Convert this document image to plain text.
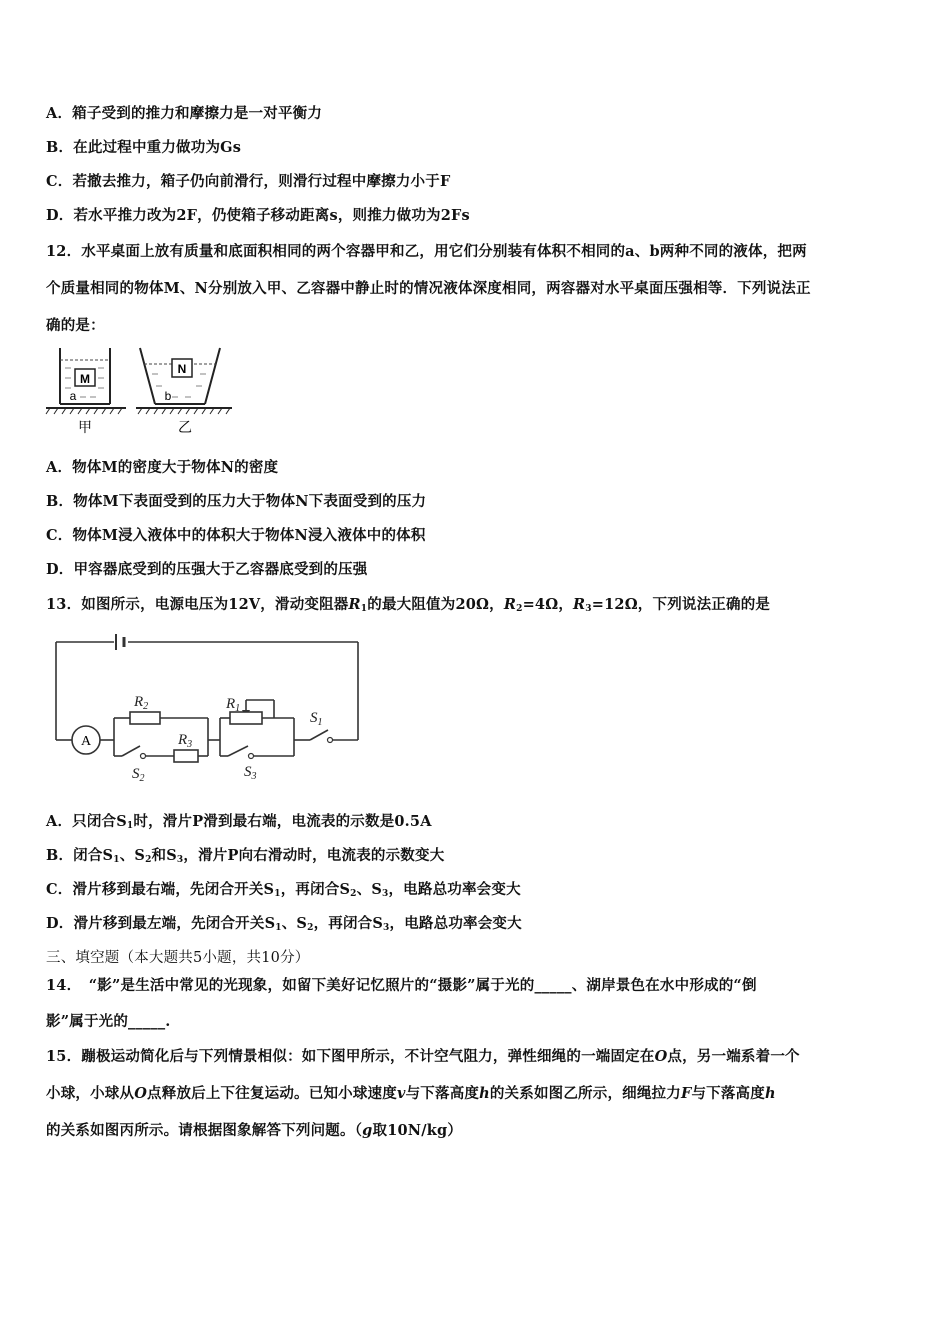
A．箱子受到的推力和摩擦力是一对平衡力
B．在此过程中重力做功为Gs
C．若撤去推力，箱子仍向前滑行，则滑行过程中摩擦力小于F
D．若水平推力改为2F，仍使箱子移动距离s，则推力做功为2Fs
12．水平桌面上放有质量和底面积相同的两个容器甲和乙，用它们分别装有体积不相同的a、b两种不同的液体，把两
个质量相同的物体M、N分别放入甲、乙容器中静止时的情况液体深度相同，两容器对水平桌面压强相等．下列说法正
确的是：
M
a
N
b
甲	乙
A．物体M的密度大于物体N的密度
B．物体M下表面受到的压力大于物体N下表面受到的压力
C．物体M浸入液体中的体积大于物体N浸入液体中的体积
D．甲容器底受到的压强大于乙容器底受到的压强
13．如图所示，电源电压为12V，滑动变阻器$R_1$的最大阻值为20Ω，$R_2=4\Omega$，$R_3=12\Omega$，下列说法正确的是
A
$R_2$	$R_1$
$R_3$
$S_1$
$S_2$	$S_3$
A．只闭合$S_1$时，滑片P滑到最右端，电流表的示数是0.5A
B．闭合$S_1$、$S_2$和$S_3$，滑片P向右滑动时，电流表的示数变大
C．滑片移到最右端，先闭合开关$S_1$，再闭合$S_2$、$S_3$，电路总功率会变大
D．滑片移到最左端，先闭合开关$S_1$、$S_2$，再闭合$S_3$，电路总功率会变大
三、填空题（本大题共5小题，共10分）
14．　“影”是生活中常见的光现象，如留下美好记忆照片的“摄影”属于光的_____、湖岸景色在水中形成的“倒
影”属于光的_____.
15．蹦极运动简化后与下列情景相似：如下图甲所示，不计空气阻力，弹性细绳的一端固定在O点，另一端系着一个
小球，小球从O点释放后上下往复运动。已知小球速度v与下落高度h的关系如图乙所示，细绳拉力F与下落高度h
的关系如图丙所示。请根据图象解答下列问题。（g取10N/kg）
